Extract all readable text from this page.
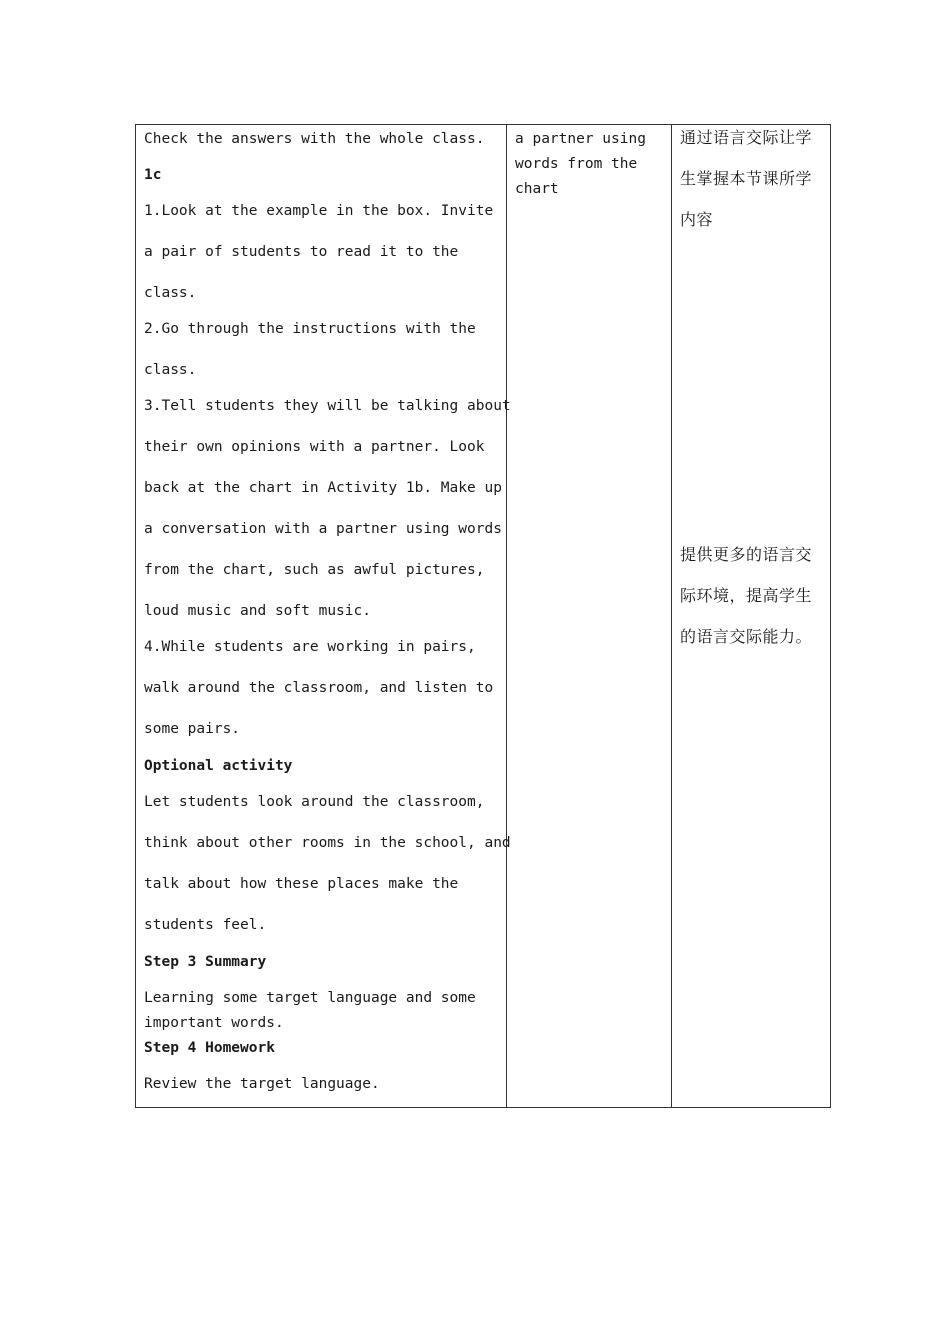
Check the answers with the whole class.
1c
1.Look at the example in the box. Invite
a pair of students to read it to the
class.
2.Go through the instructions with the
class.
3.Tell students they will be talking about
their own opinions with a partner. Look
back at the chart in Activity 1b. Make up
a conversation with a partner using words
from the chart, such as awful pictures,
loud music and soft music.
4.While students are working in pairs,
walk around the classroom, and listen to
some pairs.
Optional activity
Let students look around the classroom,
think about other rooms in the school, and
talk about how these places make the
students feel.
Step 3 Summary
Learning some target language and some
important words.
Step 4 Homework
Review the target language.
a partner using
words from the
chart
通过语言交际让学
生掌握本节课所学
内容
提供更多的语言交
际环境，提高学生
的语言交际能力。
